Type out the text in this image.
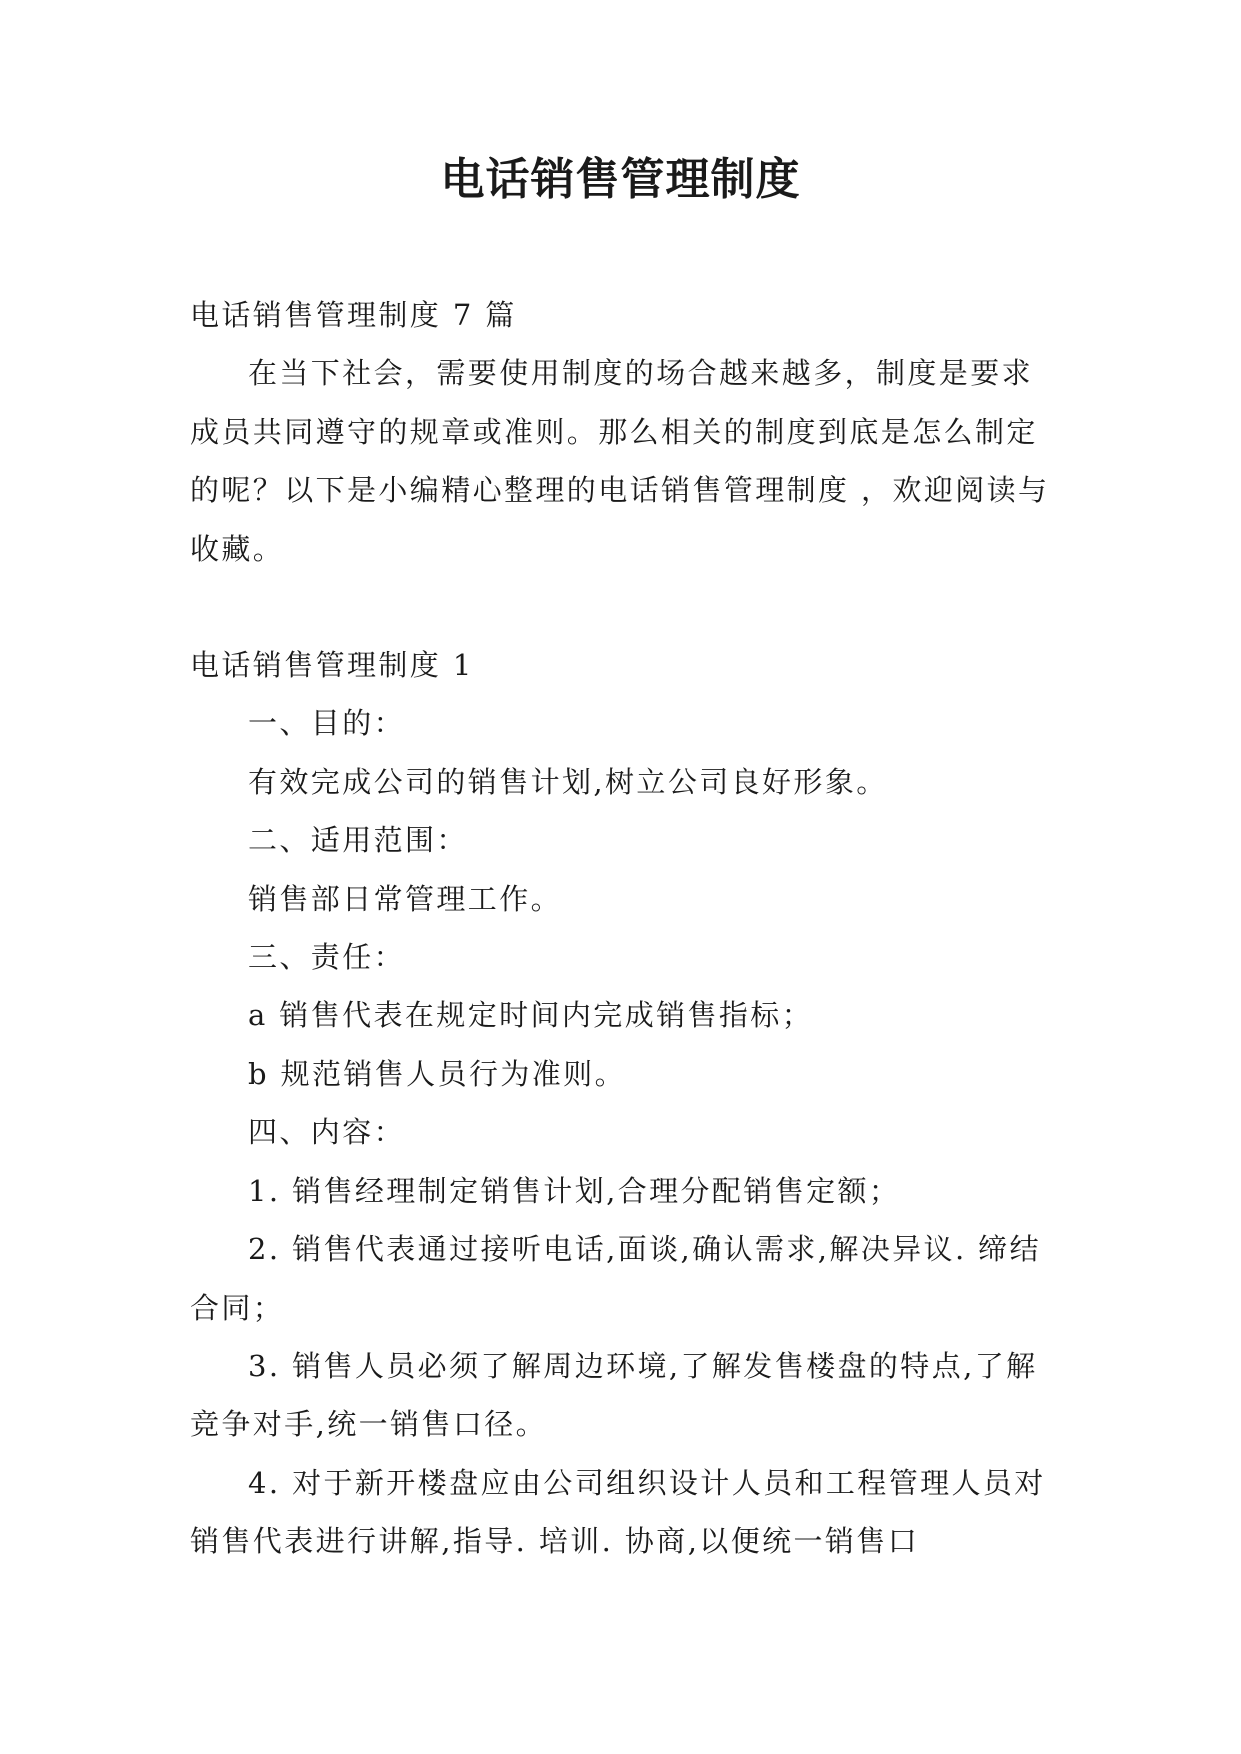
电话销售管理制度

电话销售管理制度 7 篇

在当下社会，需要使用制度的场合越来越多，制度是要求成员共同遵守的规章或准则。那么相关的制度到底是怎么制定的呢？以下是小编精心整理的电话销售管理制度 ，欢迎阅读与收藏。

电话销售管理制度 1

一、目的：

有效完成公司的销售计划,树立公司良好形象。

二、适用范围：

销售部日常管理工作。

三、责任：

a 销售代表在规定时间内完成销售指标；

b 规范销售人员行为准则。

四、内容：

1. 销售经理制定销售计划,合理分配销售定额；

2. 销售代表通过接听电话,面谈,确认需求,解决异议. 缔结合同；

3. 销售人员必须了解周边环境,了解发售楼盘的特点,了解竞争对手,统一销售口径。

4. 对于新开楼盘应由公司组织设计人员和工程管理人员对销售代表进行讲解,指导. 培训. 协商,以便统一销售口
